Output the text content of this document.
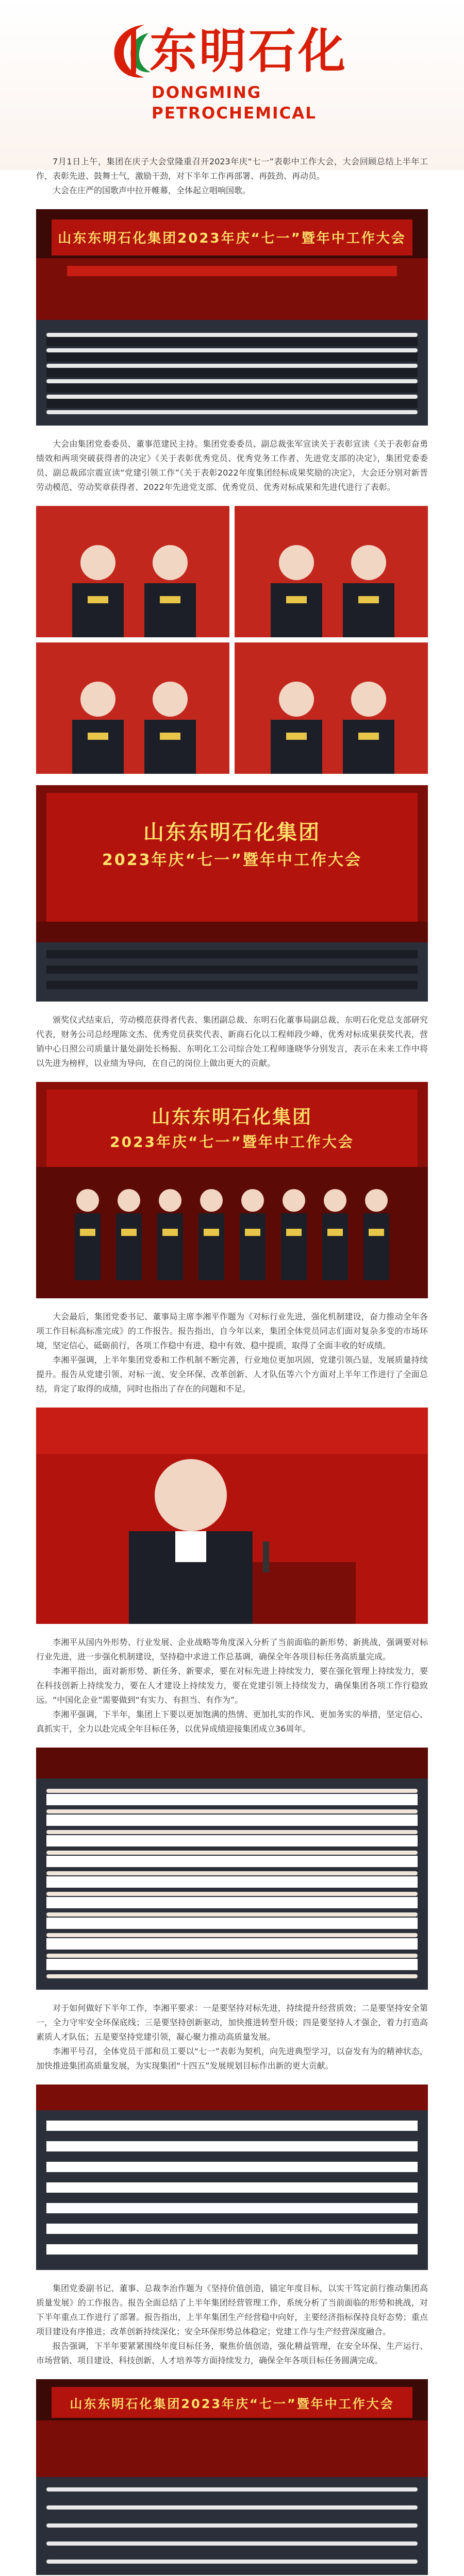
东明石化
DONGMING PETROCHEMICAL

7月1日上午，集团在庆子大会堂隆重召开2023年庆“七一”表彰中工作大会，大会回顾总结上半年工作，表彰先进、鼓舞士气，激励干劲，对下半年工作再部署、再鼓劲、再动员。

大会在庄严的国歌声中拉开帷幕，全体起立唱响国歌。

山东东明石化集团2023年庆“七一”暨年中工作大会

大会由集团党委委员、董事范建民主持。集团党委委员、副总裁张军宣读关于表彰宣读《关于表彰奋勇绩效和两项突破获得者的决定》《关于表彰优秀党员、优秀党务工作者、先进党支部的决定》，集团党委委员、副总裁邱宗震宣读“党建引领工作”《关于表彰2022年度集团经标成果奖励的决定》，大会还分别对新晋劳动模范、劳动奖章获得者、2022年先进党支部、优秀党员、优秀对标成果和先进代进行了表彰。

山东东明石化集团
2023年庆“七一”暨年中工作大会

颁奖仪式结束后，劳动模范获得者代表、集团副总裁、东明石化董事局副总裁、东明石化党总支部研究代表，财务公司总经理陈文杰、优秀党员获奖代表、新商石化以工程师段少峰、优秀对标成果获奖代表，营销中心日照公司质量计量处副处长杨振、东明化工公司综合处工程师逢晓华分别发言，表示在未来工作中将以先进为榜样，以业绩为导向，在自己的岗位上做出更大的贡献。

山东东明石化集团
2023年庆“七一”暨年中工作大会

大会最后，集团党委书记、董事局主席李湘平作题为《对标行业先进，强化机制建设，奋力推动全年各项工作目标高标准完成》的工作报告。报告指出，自今年以来，集团全体党员同志们面对复杂多变的市场环境，坚定信心，砥砺前行，各项工作稳中有进、稳中有效、稳中提质，取得了全面丰收的好成绩。

李湘平强调，上半年集团党委和工作机制不断完善，行业地位更加巩固，党建引领凸显，发展质量持续提升。报告从党建引领、对标一流、安全环保、改革创新、人才队伍等六个方面对上半年工作进行了全面总结，肯定了取得的成绩，同时也指出了存在的问题和不足。

李湘平从国内外形势、行业发展、企业战略等角度深入分析了当前面临的新形势、新挑战，强调要对标行业先进，进一步强化机制建设，坚持稳中求进工作总基调，确保全年各项目标任务高质量完成。

李湘平指出，面对新形势、新任务、新要求，要在对标先进上持续发力，要在强化管理上持续发力，要在科技创新上持续发力，要在人才建设上持续发力，要在党建引领上持续发力，确保集团各项工作行稳致远。“中国化企业”需要做到“有实力、有担当、有作为”。

李湘平强调，下半年，集团上下要以更加饱满的热情、更加扎实的作风、更加务实的举措，坚定信心、真抓实干，全力以赴完成全年目标任务，以优异成绩迎接集团成立36周年。

对于如何做好下半年工作，李湘平要求：一是要坚持对标先进，持续提升经营质效；二是要坚持安全第一，全力守牢安全环保底线；三是要坚持创新驱动，加快推进转型升级；四是要坚持人才强企，着力打造高素质人才队伍；五是要坚持党建引领，凝心聚力推动高质量发展。

李湘平号召，全体党员干部和员工要以“七一”表彰为契机，向先进典型学习，以奋发有为的精神状态，加快推进集团高质量发展，为实现集团“十四五”发展规划目标作出新的更大贡献。

集团党委副书记、董事、总裁李治作题为《坚持价值创造，锚定年度目标，以实干笃定前行推动集团高质量发展》的工作报告。报告全面总结了上半年集团经营管理工作，系统分析了当前面临的形势和挑战，对下半年重点工作进行了部署。报告指出，上半年集团生产经营稳中向好，主要经济指标保持良好态势；重点项目建设有序推进；改革创新持续深化；安全环保形势总体稳定；党建工作与生产经营深度融合。

报告强调，下半年要紧紧围绕年度目标任务，聚焦价值创造，强化精益管理，在安全环保、生产运行、市场营销、项目建设、科技创新、人才培养等方面持续发力，确保全年各项目标任务圆满完成。

山东东明石化集团2023年庆“七一”暨年中工作大会
